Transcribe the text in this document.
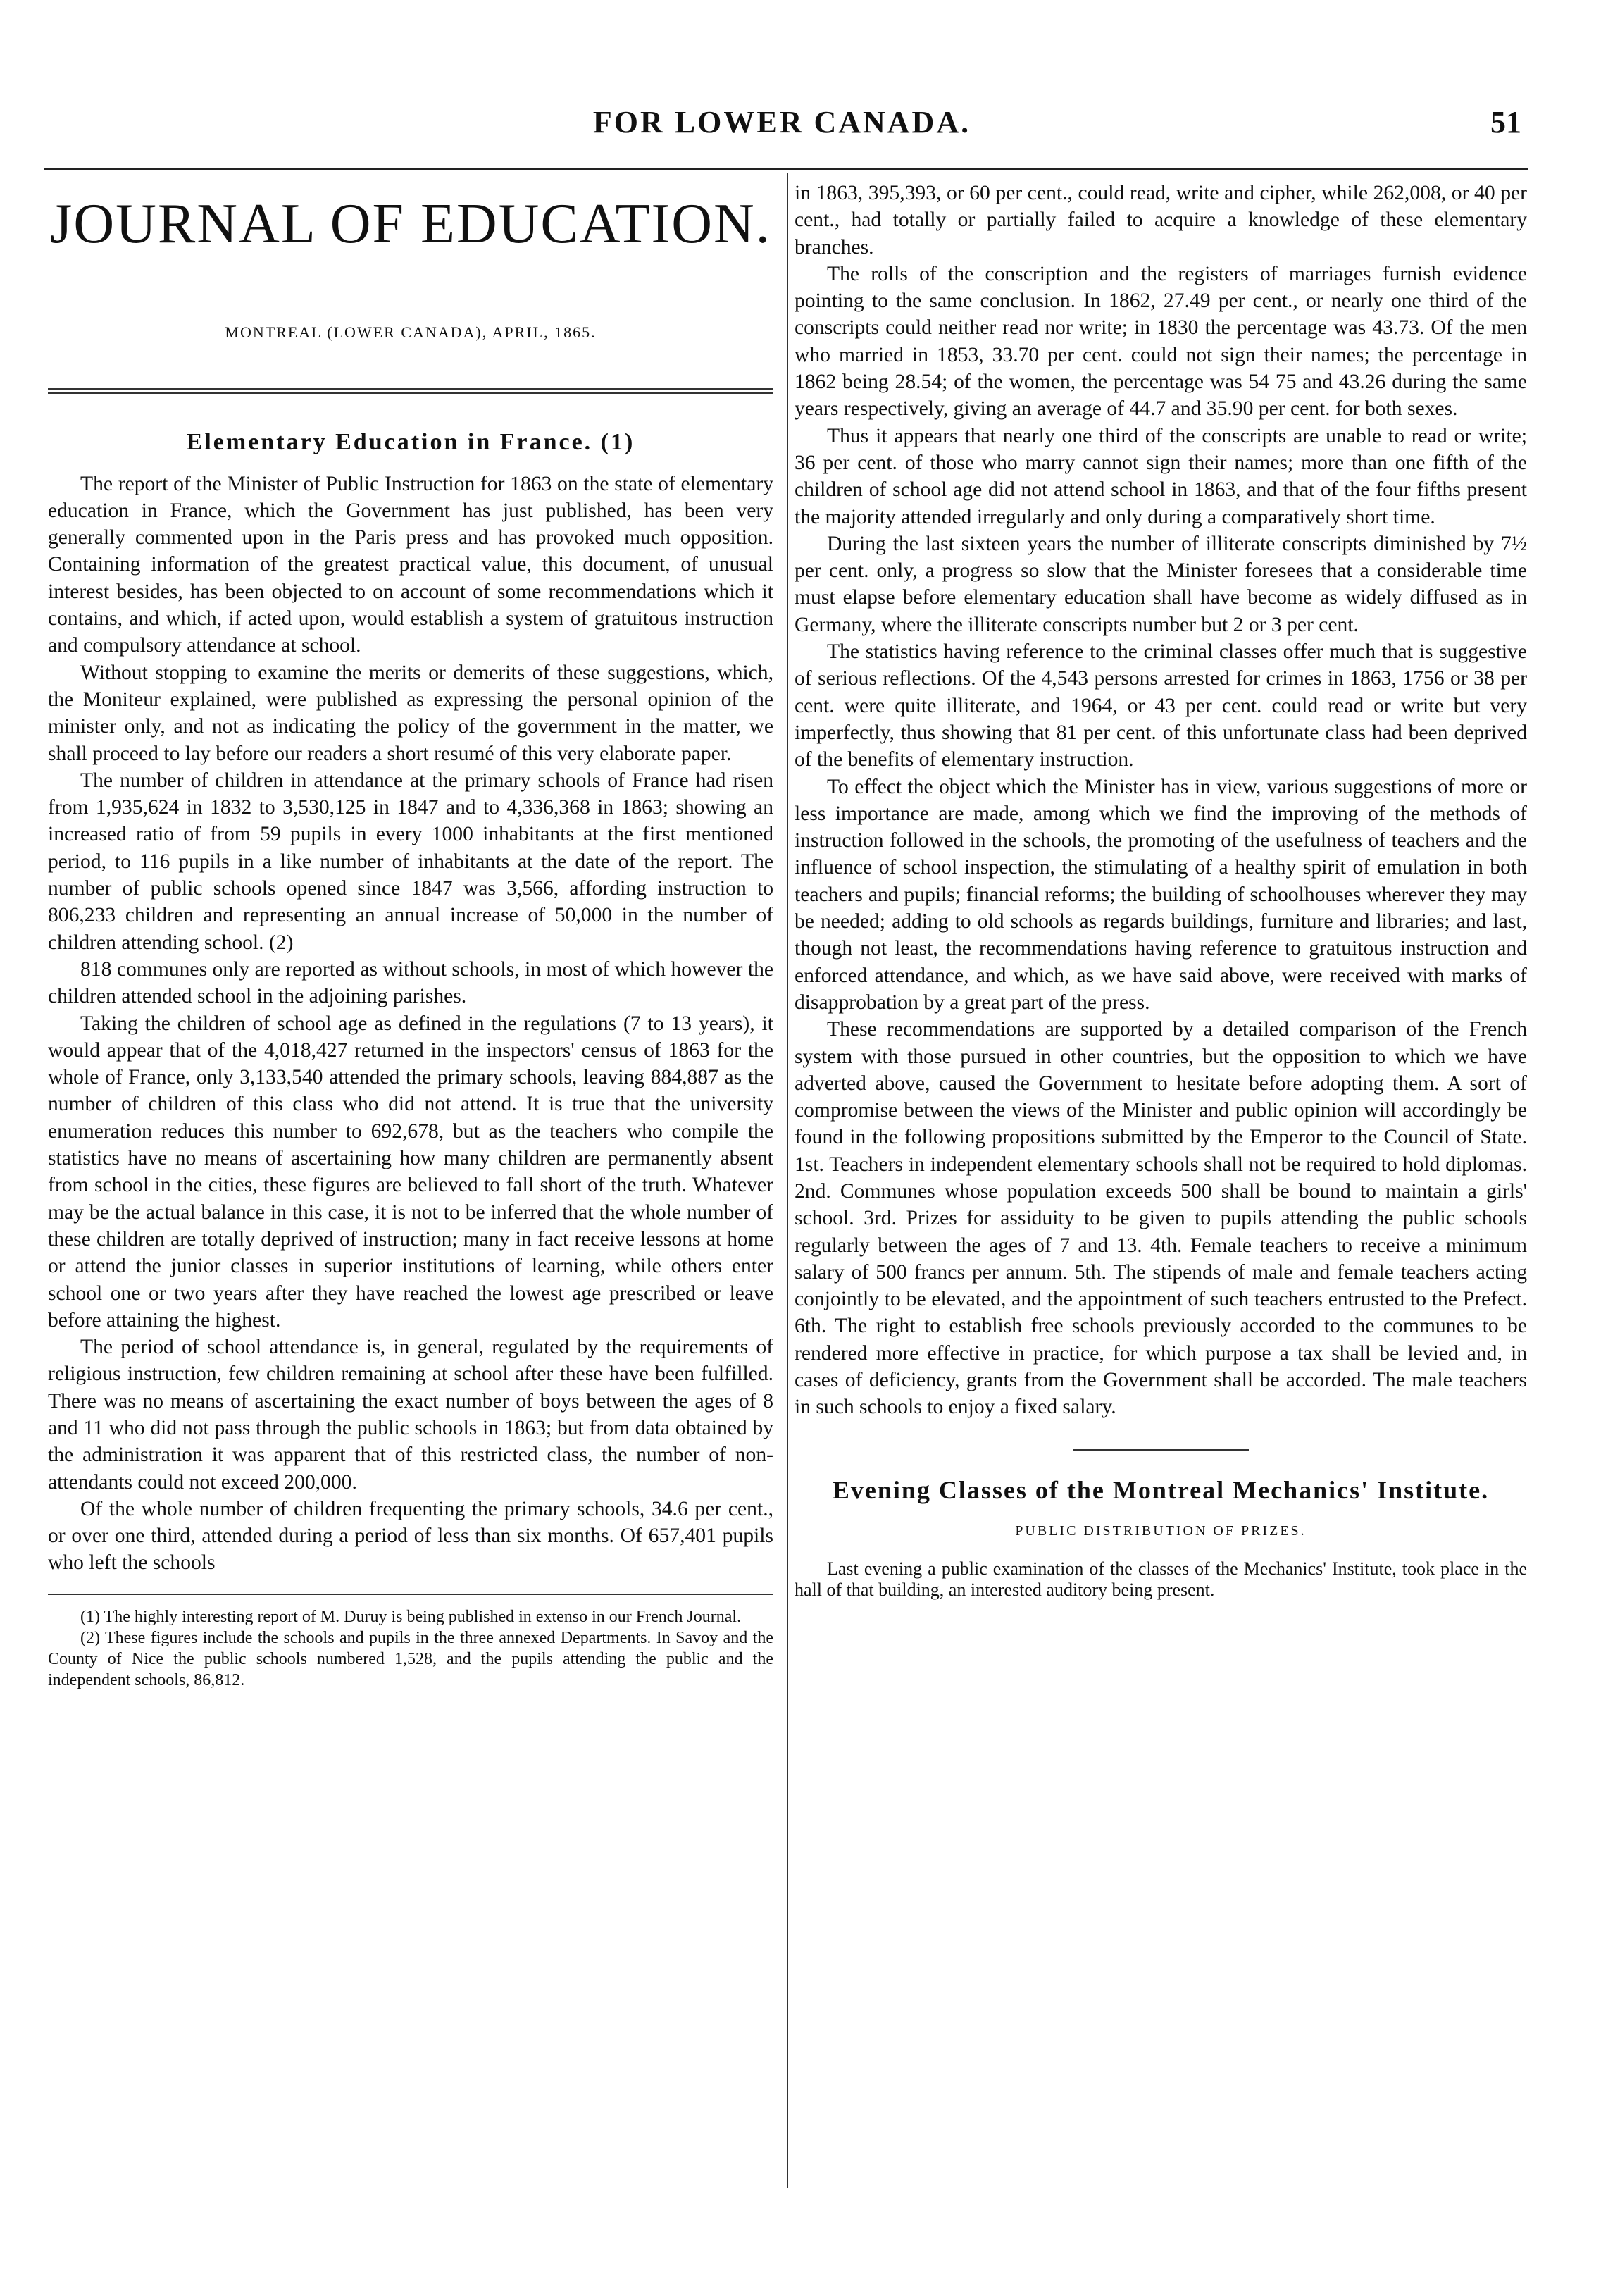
FOR LOWER CANADA.	51
JOURNAL OF EDUCATION.
MONTREAL (LOWER CANADA), APRIL, 1865.
Elementary Education in France. (1)

The report of the Minister of Public Instruction for 1863 on the state of elementary education in France, which the Government has just published, has been very generally commented upon in the Paris press and has provoked much opposition. Containing information of the greatest practical value, this document, of unusual interest besides, has been objected to on account of some recommendations which it contains, and which, if acted upon, would establish a system of gratuitous instruction and compulsory attendance at school.

Without stopping to examine the merits or demerits of these suggestions, which, the Moniteur explained, were published as expressing the personal opinion of the minister only, and not as indicating the policy of the government in the matter, we shall proceed to lay before our readers a short resumé of this very elaborate paper.

The number of children in attendance at the primary schools of France had risen from 1,935,624 in 1832 to 3,530,125 in 1847 and to 4,336,368 in 1863; showing an increased ratio of from 59 pupils in every 1000 inhabitants at the first mentioned period, to 116 pupils in a like number of inhabitants at the date of the report. The number of public schools opened since 1847 was 3,566, affording instruction to 806,233 children and representing an annual increase of 50,000 in the number of children attending school. (2)

818 communes only are reported as without schools, in most of which however the children attended school in the adjoining parishes.

Taking the children of school age as defined in the regulations (7 to 13 years), it would appear that of the 4,018,427 returned in the inspectors' census of 1863 for the whole of France, only 3,133,540 attended the primary schools, leaving 884,887 as the number of children of this class who did not attend. It is true that the university enumeration reduces this number to 692,678, but as the teachers who compile the statistics have no means of ascertaining how many children are permanently absent from school in the cities, these figures are believed to fall short of the truth. Whatever may be the actual balance in this case, it is not to be inferred that the whole number of these children are totally deprived of instruction; many in fact receive lessons at home or attend the junior classes in superior institutions of learning, while others enter school one or two years after they have reached the lowest age prescribed or leave before attaining the highest.

The period of school attendance is, in general, regulated by the requirements of religious instruction, few children remaining at school after these have been fulfilled. There was no means of ascertaining the exact number of boys between the ages of 8 and 11 who did not pass through the public schools in 1863; but from data obtained by the administration it was apparent that of this restricted class, the number of non-attendants could not exceed 200,000.

Of the whole number of children frequenting the primary schools, 34.6 per cent., or over one third, attended during a period of less than six months. Of 657,401 pupils who left the schools

(1) The highly interesting report of M. Duruy is being published in extenso in our French Journal.

(2) These figures include the schools and pupils in the three annexed Departments. In Savoy and the County of Nice the public schools numbered 1,528, and the pupils attending the public and the independent schools, 86,812.

in 1863, 395,393, or 60 per cent., could read, write and cipher, while 262,008, or 40 per cent., had totally or partially failed to acquire a knowledge of these elementary branches.

The rolls of the conscription and the registers of marriages furnish evidence pointing to the same conclusion. In 1862, 27.49 per cent., or nearly one third of the conscripts could neither read nor write; in 1830 the percentage was 43.73. Of the men who married in 1853, 33.70 per cent. could not sign their names; the percentage in 1862 being 28.54; of the women, the percentage was 54 75 and 43.26 during the same years respectively, giving an average of 44.7 and 35.90 per cent. for both sexes.

Thus it appears that nearly one third of the conscripts are unable to read or write; 36 per cent. of those who marry cannot sign their names; more than one fifth of the children of school age did not attend school in 1863, and that of the four fifths present the majority attended irregularly and only during a comparatively short time.

During the last sixteen years the number of illiterate conscripts diminished by 7½ per cent. only, a progress so slow that the Minister foresees that a considerable time must elapse before elementary education shall have become as widely diffused as in Germany, where the illiterate conscripts number but 2 or 3 per cent.

The statistics having reference to the criminal classes offer much that is suggestive of serious reflections. Of the 4,543 persons arrested for crimes in 1863, 1756 or 38 per cent. were quite illiterate, and 1964, or 43 per cent. could read or write but very imperfectly, thus showing that 81 per cent. of this unfortunate class had been deprived of the benefits of elementary instruction.

To effect the object which the Minister has in view, various suggestions of more or less importance are made, among which we find the improving of the methods of instruction followed in the schools, the promoting of the usefulness of teachers and the influence of school inspection, the stimulating of a healthy spirit of emulation in both teachers and pupils; financial reforms; the building of schoolhouses wherever they may be needed; adding to old schools as regards buildings, furniture and libraries; and last, though not least, the recommendations having reference to gratuitous instruction and enforced attendance, and which, as we have said above, were received with marks of disapprobation by a great part of the press.

These recommendations are supported by a detailed comparison of the French system with those pursued in other countries, but the opposition to which we have adverted above, caused the Government to hesitate before adopting them. A sort of compromise between the views of the Minister and public opinion will accordingly be found in the following propositions submitted by the Emperor to the Council of State. 1st. Teachers in independent elementary schools shall not be required to hold diplomas. 2nd. Communes whose population exceeds 500 shall be bound to maintain a girls' school. 3rd. Prizes for assiduity to be given to pupils attending the public schools regularly between the ages of 7 and 13. 4th. Female teachers to receive a minimum salary of 500 francs per annum. 5th. The stipends of male and female teachers acting conjointly to be elevated, and the appointment of such teachers entrusted to the Prefect. 6th. The right to establish free schools previously accorded to the communes to be rendered more effective in practice, for which purpose a tax shall be levied and, in cases of deficiency, grants from the Government shall be accorded. The male teachers in such schools to enjoy a fixed salary.

Evening Classes of the Montreal Mechanics' Institute.
PUBLIC DISTRIBUTION OF PRIZES.

Last evening a public examination of the classes of the Mechanics' Institute, took place in the hall of that building, an interested auditory being present.
